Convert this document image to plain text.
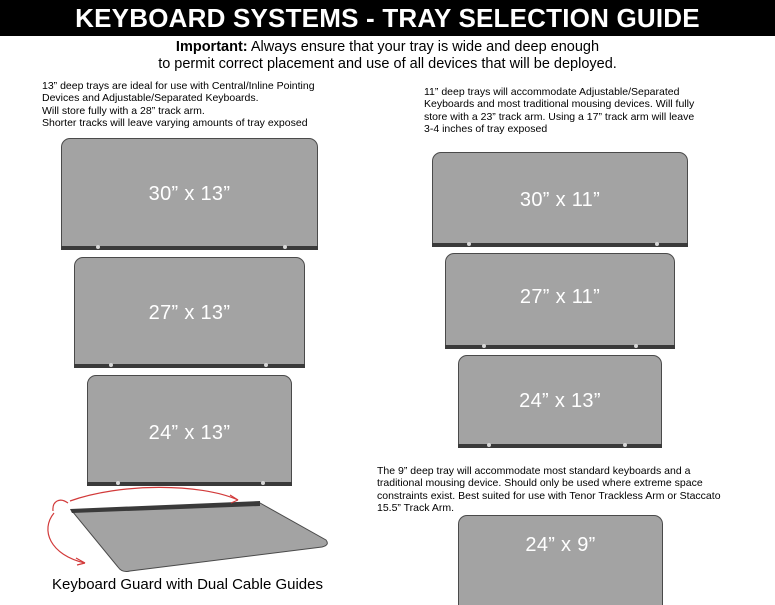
KEYBOARD SYSTEMS - TRAY SELECTION GUIDE
Important: Always ensure that your tray is wide and deep enough
to permit correct placement and use of all devices that will be deployed.
13” deep trays are ideal for use with Central/Inline Pointing
Devices and Adjustable/Separated Keyboards.
Will store fully with a 28” track arm.
Shorter tracks will leave varying amounts of tray exposed
11” deep trays will accommodate Adjustable/Separated
Keyboards and most traditional mousing devices. Will fully
store with a 23” track arm. Using a 17” track arm will leave
3-4 inches of tray exposed
30” x 13”
27” x 13”
24” x 13”
Keyboard Guard with Dual Cable Guides
30” x 11”
27” x 11”
24” x 13”
The 9” deep tray will accommodate most standard keyboards and a
traditional mousing device. Should only be used where extreme space
constraints exist. Best suited for use with Tenor Trackless Arm or Staccato
15.5” Track Arm.
24” x 9”
